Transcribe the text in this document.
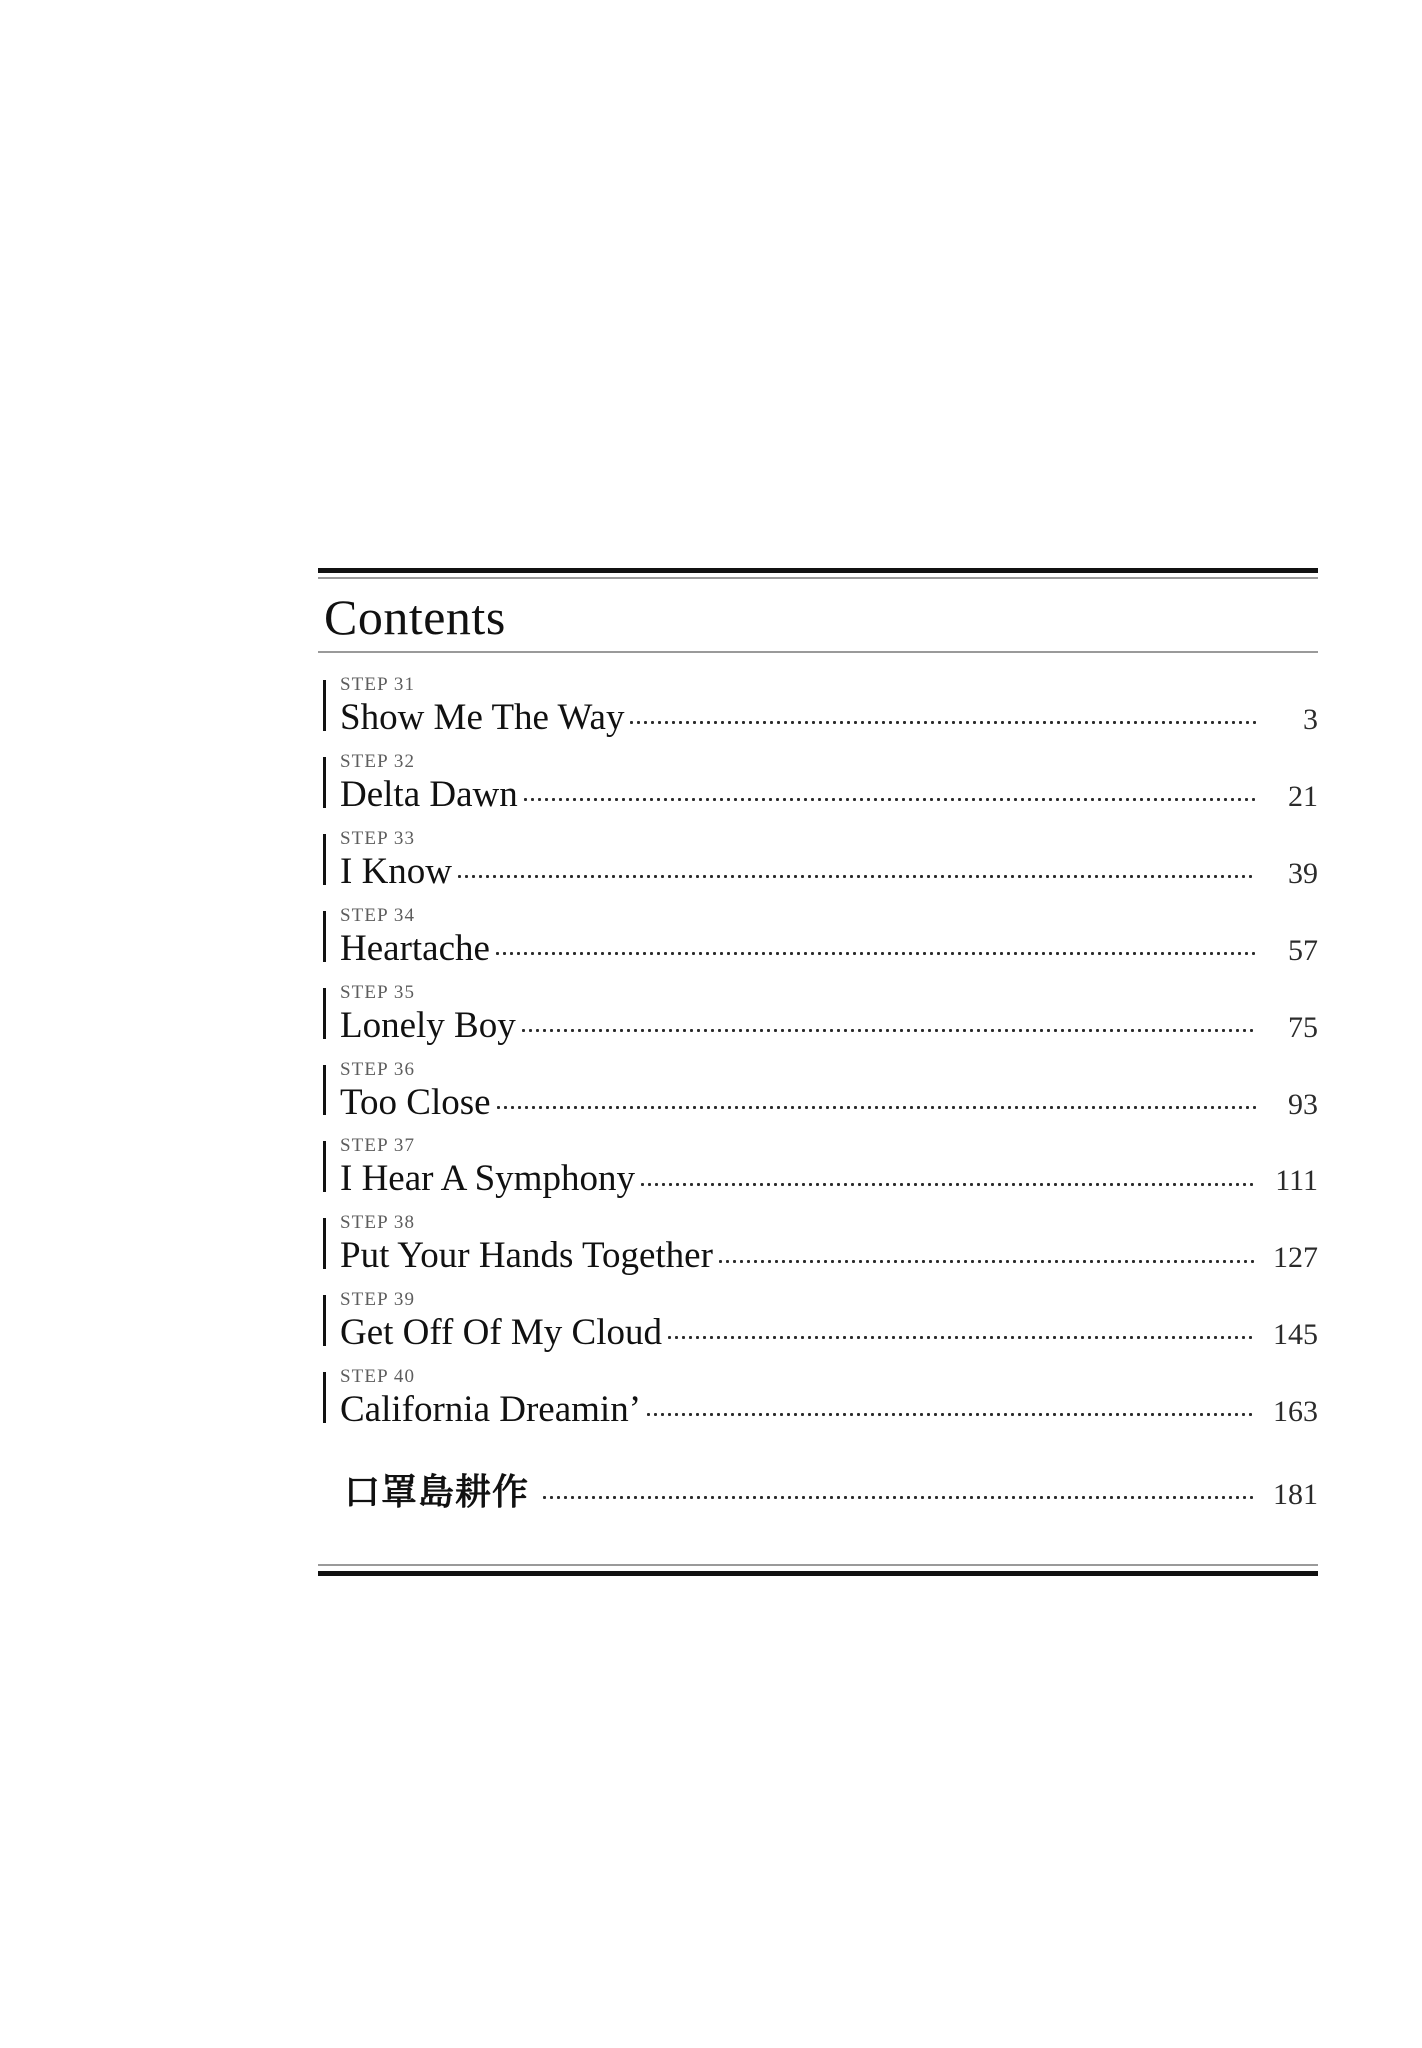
Contents
STEP 31
Show Me The Way	3
STEP 32
Delta Dawn	21
STEP 33
I Know	39
STEP 34
Heartache	57
STEP 35
Lonely Boy	75
STEP 36
Too Close	93
STEP 37
I Hear A Symphony	111
STEP 38
Put Your Hands Together	127
STEP 39
Get Off Of My Cloud	145
STEP 40
California Dreamin’	163
口罩島耕作	181
